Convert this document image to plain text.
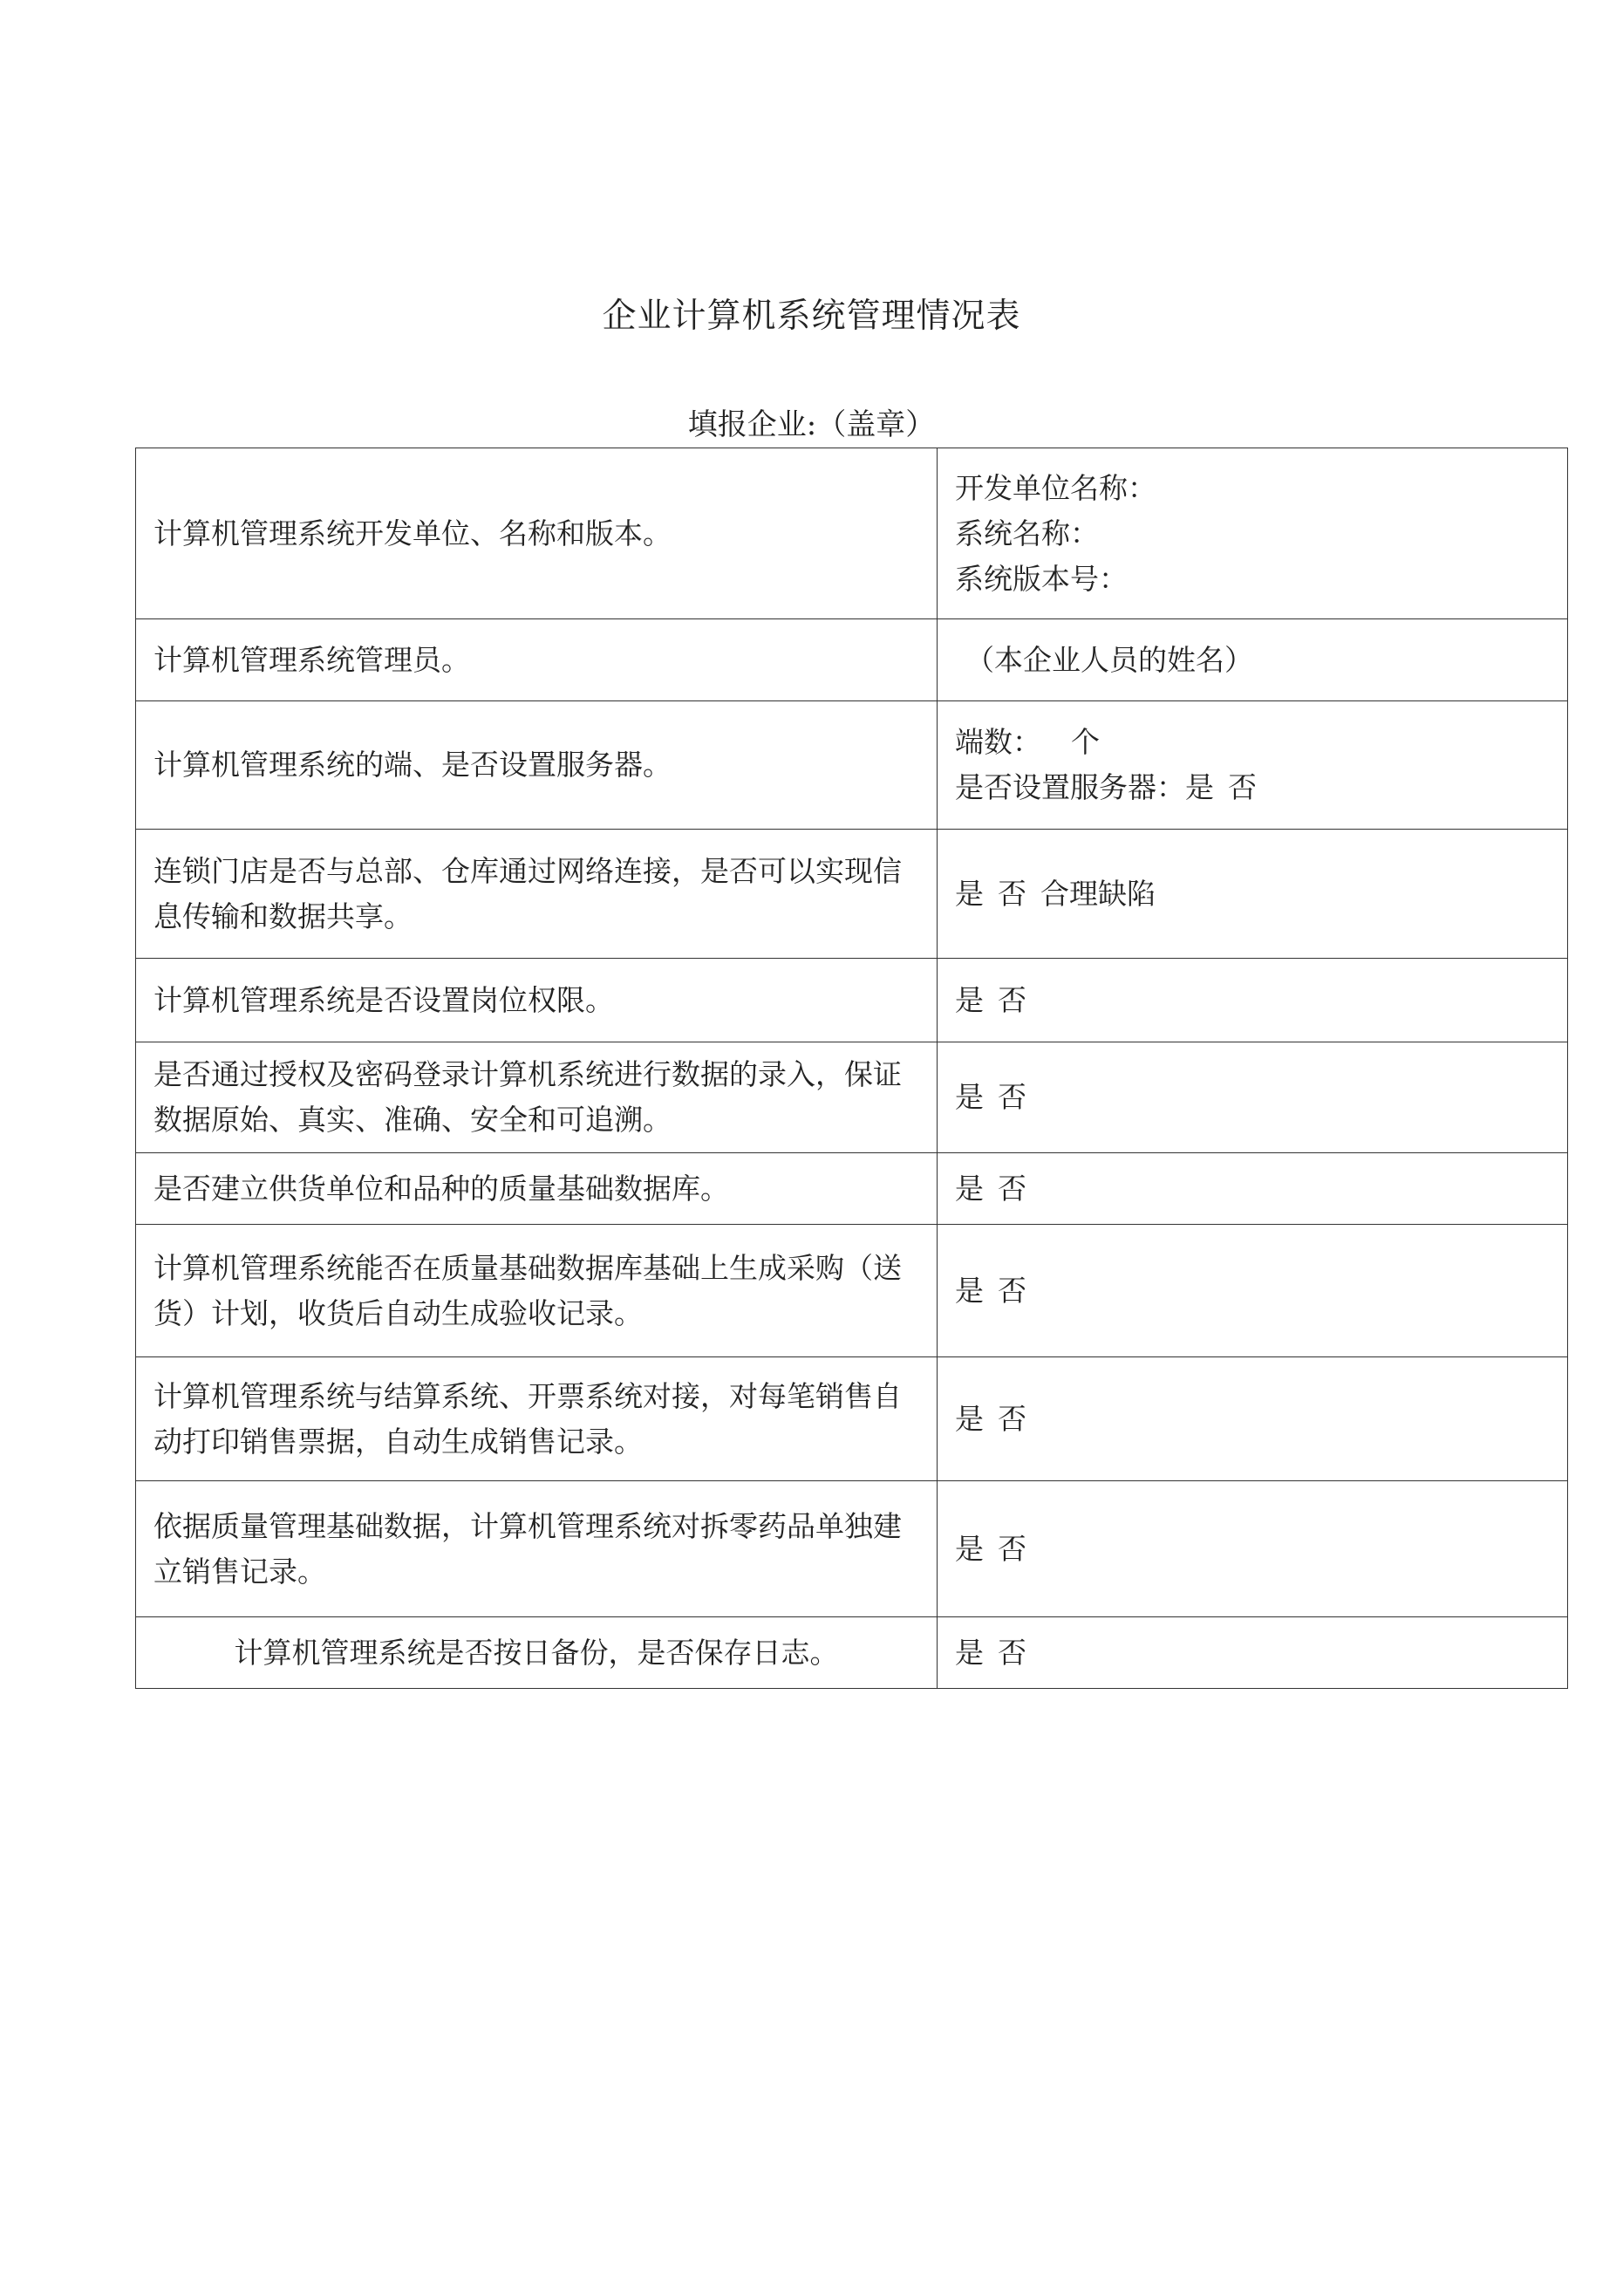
企业计算机系统管理情况表
填报企业:（盖章）
计算机管理系统开发单位、名称和版本。	开发单位名称：
系统名称：
系统版本号：

计算机管理系统管理员。	（本企业人员的姓名）

计算机管理系统的端、是否设置服务器。	端数： 个
是否设置服务器：是 否

连锁门店是否与总部、仓库通过网络连接，是否可以实现信息传输和数据共享。	是 否 合理缺陷
计算机管理系统是否设置岗位权限。	是 否
是否通过授权及密码登录计算机系统进行数据的录入，保证数据原始、真实、准确、安全和可追溯。	是 否
是否建立供货单位和品种的质量基础数据库。	是 否
计算机管理系统能否在质量基础数据库基础上生成采购（送货）计划，收货后自动生成验收记录。	是 否
计算机管理系统与结算系统、开票系统对接，对每笔销售自动打印销售票据，自动生成销售记录。	是 否
依据质量管理基础数据，计算机管理系统对拆零药品单独建立销售记录。	是 否
计算机管理系统是否按日备份，是否保存日志。	是 否
